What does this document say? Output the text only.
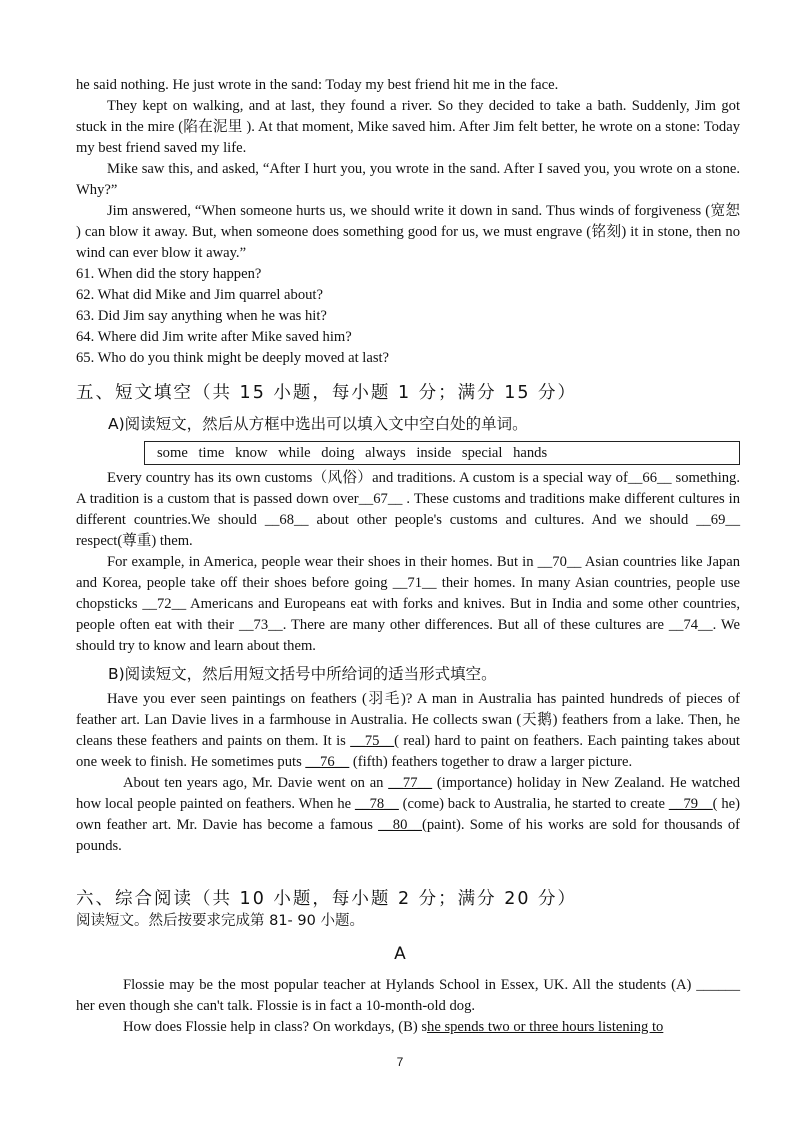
he said nothing. He just wrote in the sand: Today my best friend hit me in the face.

They kept on walking, and at last, they found a river. So they decided to take a bath. Suddenly, Jim got stuck in the mire (陷在泥里 ). At that moment, Mike saved him. After Jim felt better, he wrote on a stone: Today my best friend saved my life.

Mike saw this, and asked, “After I hurt you, you wrote in the sand. After I saved you, you wrote on a stone. Why?”

Jim answered, “When someone hurts us, we should write it down in sand. Thus winds of forgiveness (宽恕 ) can blow it away. But, when someone does something good for us, we must engrave (铭刻) it in stone, then no wind can ever blow it away.”

61. When did the story happen?

62. What did Mike and Jim quarrel about?

63. Did Jim say anything when he was hit?

64. Where did Jim write after Mike saved him?

65. Who do you think might be deeply moved at last?

五、短文填空（共 15 小题，每小题 1 分；满分 15 分）
A)阅读短文，然后从方框中选出可以填入文中空白处的单词。
some time know while doing always inside special hands

Every country has its own customs（风俗）and traditions. A custom is a special way of__66__ something. A tradition is a custom that is passed down over__67__ . These customs and traditions make different cultures in different countries.We should __68__ about other people's customs and cultures. And we should __69__ respect(尊重) them.

For example, in America, people wear their shoes in their homes. But in __70__ Asian countries like Japan and Korea, people take off their shoes before going __71__ their homes. In many Asian countries, people use chopsticks __72__ Americans and Europeans eat with forks and knives. But in India and some other countries, people often eat with their __73__. There are many other differences. But all of these cultures are __74__. We should try to know and learn about them.

B)阅读短文，然后用短文括号中所给词的适当形式填空。

Have you ever seen paintings on feathers (羽毛)? A man in Australia has painted hundreds of pieces of feather art. Lan Davie lives in a farmhouse in Australia. He collects swan (天鹅) feathers from a lake. Then, he cleans these feathers and paints on them. It is __75__( real) hard to paint on feathers. Each painting takes about one week to finish. He sometimes puts __76__ (fifth) feathers together to draw a larger picture.

About ten years ago, Mr. Davie went on an __77__ (importance) holiday in New Zealand. He watched how local people painted on feathers. When he __78__ (come) back to Australia, he started to create __79__( he) own feather art. Mr. Davie has become a famous __80__(paint). Some of his works are sold for thousands of pounds.

六、综合阅读（共 10 小题，每小题 2 分；满分 20 分）
阅读短文。然后按要求完成第 81- 90 小题。
A

Flossie may be the most popular teacher at Hylands School in Essex, UK. All the students (A) ______ her even though she can't talk. Flossie is in fact a 10-month-old dog.

How does Flossie help in class? On workdays, (B) she spends two or three hours listening to

7
